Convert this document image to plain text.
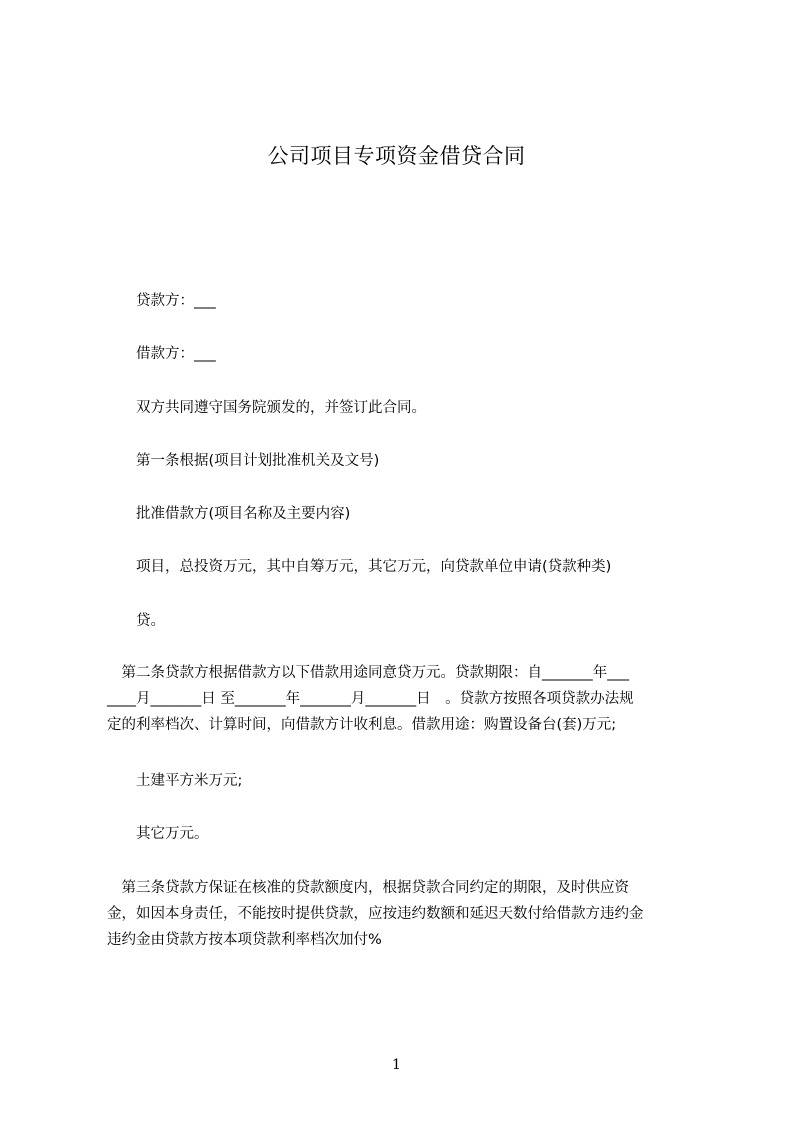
公司项目专项资金借贷合同
贷款方：___
借款方：___
双方共同遵守国务院颁发的，并签订此合同。
第一条根据(项目计划批准机关及文号)
批准借款方(项目名称及主要内容)
项目，总投资万元，其中自筹万元，其它万元，向贷款单位申请(贷款种类)
贷。
　第二条贷款方根据借款方以下借款用途同意贷万元。贷款期限：自_______年___
____月_______日 至_______年_______月_______日　。贷款方按照各项贷款办法规
定的利率档次、计算时间，向借款方计收利息。借款用途：购置设备台(套)万元;
土建平方米万元;
其它万元。
　第三条贷款方保证在核准的贷款额度内，根据贷款合同约定的期限，及时供应资
金，如因本身责任，不能按时提供贷款，应按违约数额和延迟天数付给借款方违约金
违约金由贷款方按本项贷款利率档次加付%
1
